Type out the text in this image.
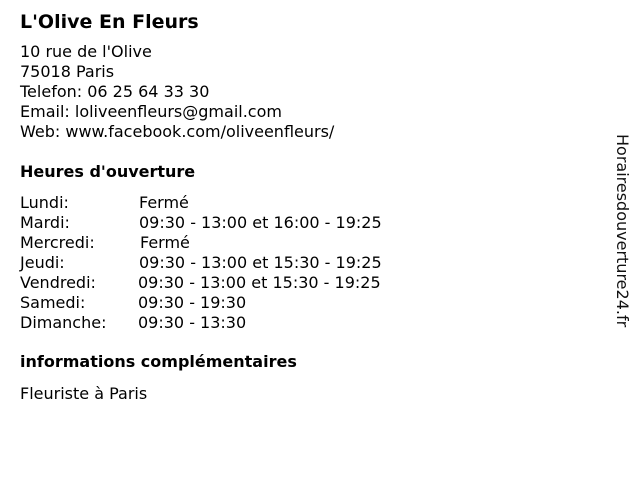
L'Olive En Fleurs
10 rue de l'Olive
75018 Paris
Telefon: 06 25 64 33 30
Email: loliveenfleurs@gmail.com
Web: www.facebook.com/oliveenfleurs/
Heures d'ouverture
Lundi:	Fermé
Mardi:	09:30 - 13:00 et 16:00 - 19:25
Mercredi:	Fermé
Jeudi:	09:30 - 13:00 et 15:30 - 19:25
Vendredi:	09:30 - 13:00 et 15:30 - 19:25
Samedi:	09:30 - 19:30
Dimanche: 09:30 - 13:30
informations complémentaires
Fleuriste à Paris
Horairesdouverture24.fr
